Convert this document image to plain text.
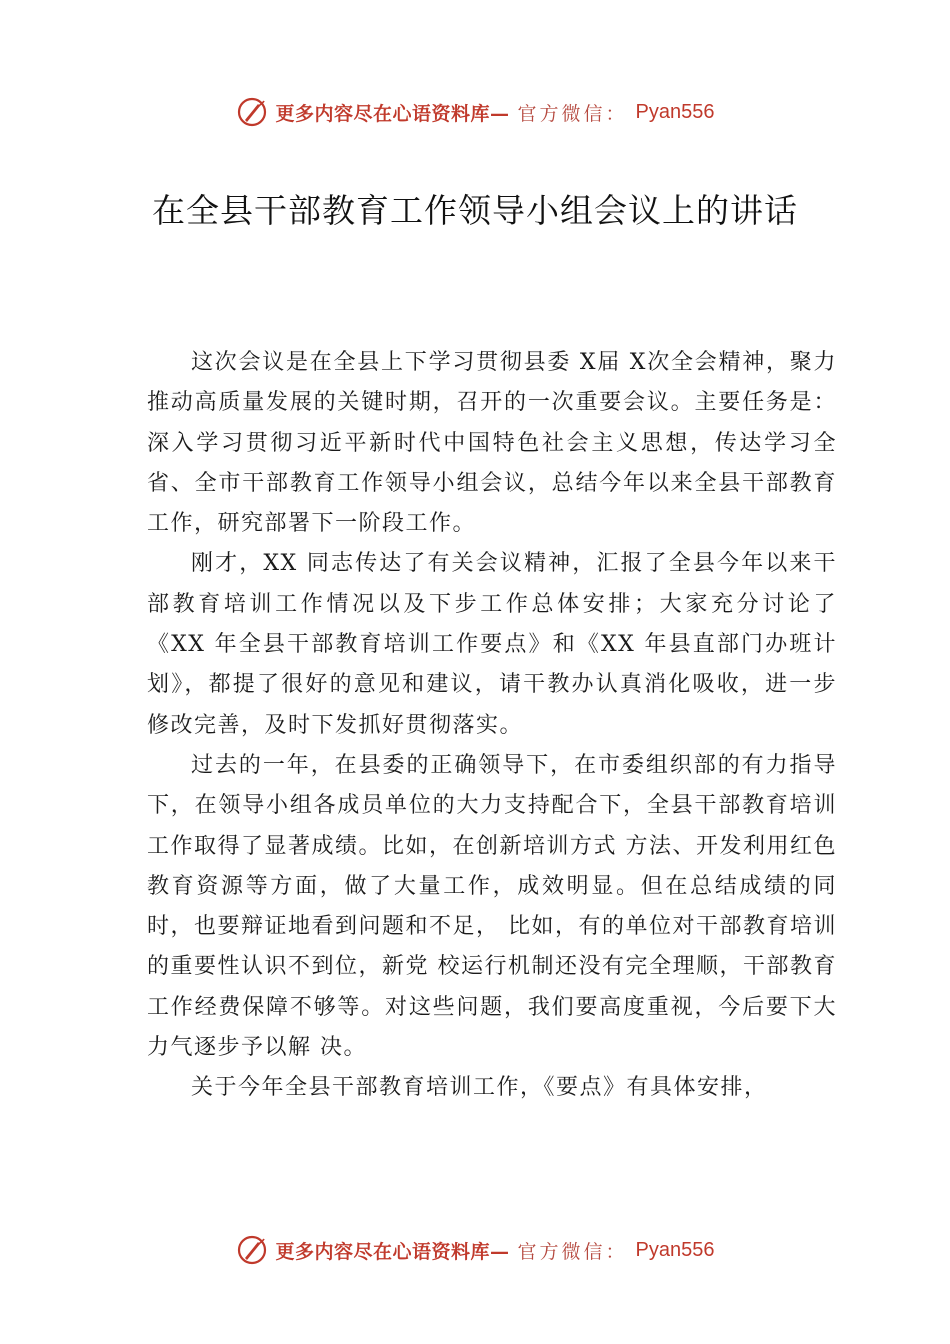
更多内容尽在心语资料库— 官方微信： Pyan556
在全县干部教育工作领导小组会议上的讲话

这次会议是在全县上下学习贯彻县委 X届 X次全会精神，聚力推动高质量发展的关键时期，召开的一次重要会议。主要任务是：深入学习贯彻习近平新时代中国特色社会主义思想，传达学习全省、全市干部教育工作领导小组会议，总结今年以来全县干部教育工作，研究部署下一阶段工作。

刚才，XX 同志传达了有关会议精神，汇报了全县今年以来干部教育培训工作情况以及下步工作总体安排；大家充分讨论了《XX 年全县干部教育培训工作要点》和《XX 年县直部门办班计划》，都提了很好的意见和建议，请干教办认真消化吸收，进一步修改完善，及时下发抓好贯彻落实。

过去的一年，在县委的正确领导下，在市委组织部的有力指导下，在领导小组各成员单位的大力支持配合下，全县干部教育培训工作取得了显著成绩。比如，在创新培训方式 方法、开发利用红色教育资源等方面，做了大量工作，成效明显。但在总结成绩的同时，也要辩证地看到问题和不足， 比如，有的单位对干部教育培训的重要性认识不到位，新党 校运行机制还没有完全理顺，干部教育工作经费保障不够等。对这些问题，我们要高度重视，今后要下大力气逐步予以解 决。

关于今年全县干部教育培训工作，《要点》有具体安排，

更多内容尽在心语资料库— 官方微信： Pyan556
